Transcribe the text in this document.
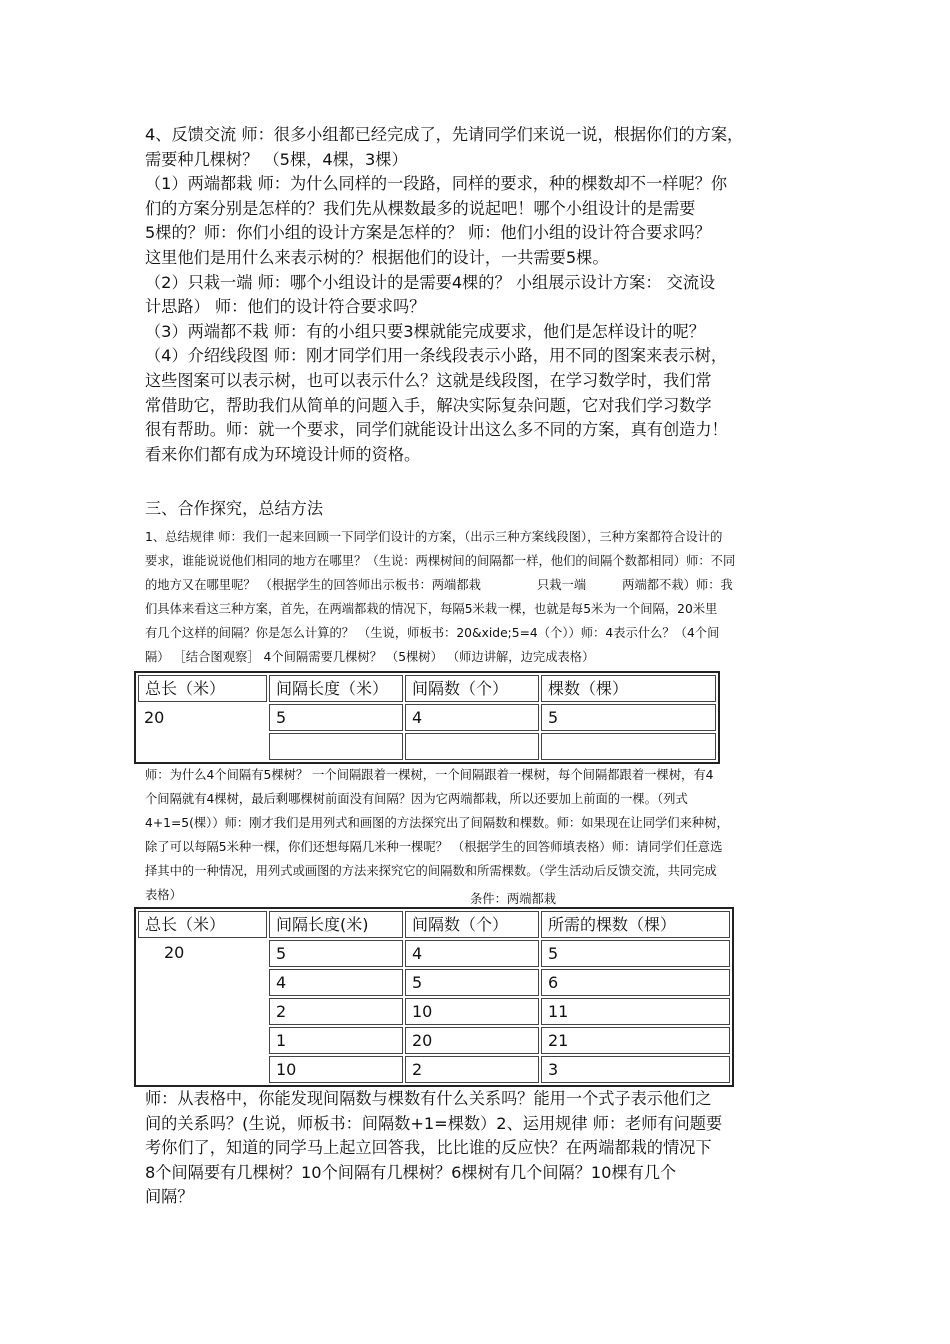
4、反馈交流 师：很多小组都已经完成了，先请同学们来说一说，根据你们的方案，

需要种几棵树？ （5棵，4棵，3棵）

（1）两端都栽 师：为什么同样的一段路，同样的要求，种的棵数却不一样呢？你

们的方案分别是怎样的？我们先从棵数最多的说起吧！哪个小组设计的是需要

5棵的？师：你们小组的设计方案是怎样的？ 师：他们小组的设计符合要求吗？

这里他们是用什么来表示树的？根据他们的设计，一共需要5棵。

（2）只栽一端 师：哪个小组设计的是需要4棵的？ 小组展示设计方案： 交流设

计思路） 师：他们的设计符合要求吗？

（3）两端都不栽 师：有的小组只要3棵就能完成要求，他们是怎样设计的呢？

（4）介绍线段图 师：刚才同学们用一条线段表示小路，用不同的图案来表示树，

这些图案可以表示树，也可以表示什么？这就是线段图，在学习数学时，我们常

常借助它，帮助我们从简单的问题入手，解决实际复杂问题，它对我们学习数学

很有帮助。师：就一个要求，同学们就能设计出这么多不同的方案，真有创造力！

看来你们都有成为环境设计师的资格。

三、合作探究，总结方法

1、总结规律 师：我们一起来回顾一下同学们设计的方案，（出示三种方案线段图），三种方案都符合设计的

要求，谁能说说他们相同的地方在哪里？（生说：两棵树间的间隔都一样，他们的间隔个数都相同）师：不同

的地方又在哪里呢？ （根据学生的回答师出示板书：两端都栽	只栽一端	两端都不栽）师：我

们具体来看这三种方案，首先，在两端都栽的情况下，每隔5米栽一棵，也就是每5米为一个间隔，20米里

有几个这样的间隔？你是怎么计算的？ （生说，师板书：20&xide;5=4（个））师：4表示什么？（4个间

隔） ［结合图观察］ 4个间隔需要几棵树？ （5棵树） （师边讲解，边完成表格）

总长（米）	间隔长度（米）	间隔数（个）	棵数（棵）
20	5	4	5

师：为什么4个间隔有5棵树？ 一个间隔跟着一棵树，一个间隔跟着一棵树，每个间隔都跟着一棵树，有4

个间隔就有4棵树，最后剩哪棵树前面没有间隔？因为它两端都栽，所以还要加上前面的一棵。（列式

4+1=5(棵））师：刚才我们是用列式和画图的方法探究出了间隔数和棵数。师：如果现在让同学们来种树，

除了可以每隔5米种一棵，你们还想每隔几米种一棵呢？ （根据学生的回答师填表格）师：请同学们任意选

择其中的一种情况，用列式或画图的方法来探究它的间隔数和所需棵数。（学生活动后反馈交流，共同完成

表格）	条件：两端都栽
总长（米）	间隔长度(米)	间隔数（个）	所需的棵数（棵）
20	5	4	5
	4	5	6
	2	10	11
	1	20	21
	10	2	3

师：从表格中，你能发现间隔数与棵数有什么关系吗？能用一个式子表示他们之

间的关系吗？(生说，师板书：间隔数+1=棵数）2、运用规律 师：老师有问题要

考你们了，知道的同学马上起立回答我，比比谁的反应快？在两端都栽的情况下

8个间隔要有几棵树？10个间隔有几棵树？6棵树有几个间隔？10棵有几个

间隔？
